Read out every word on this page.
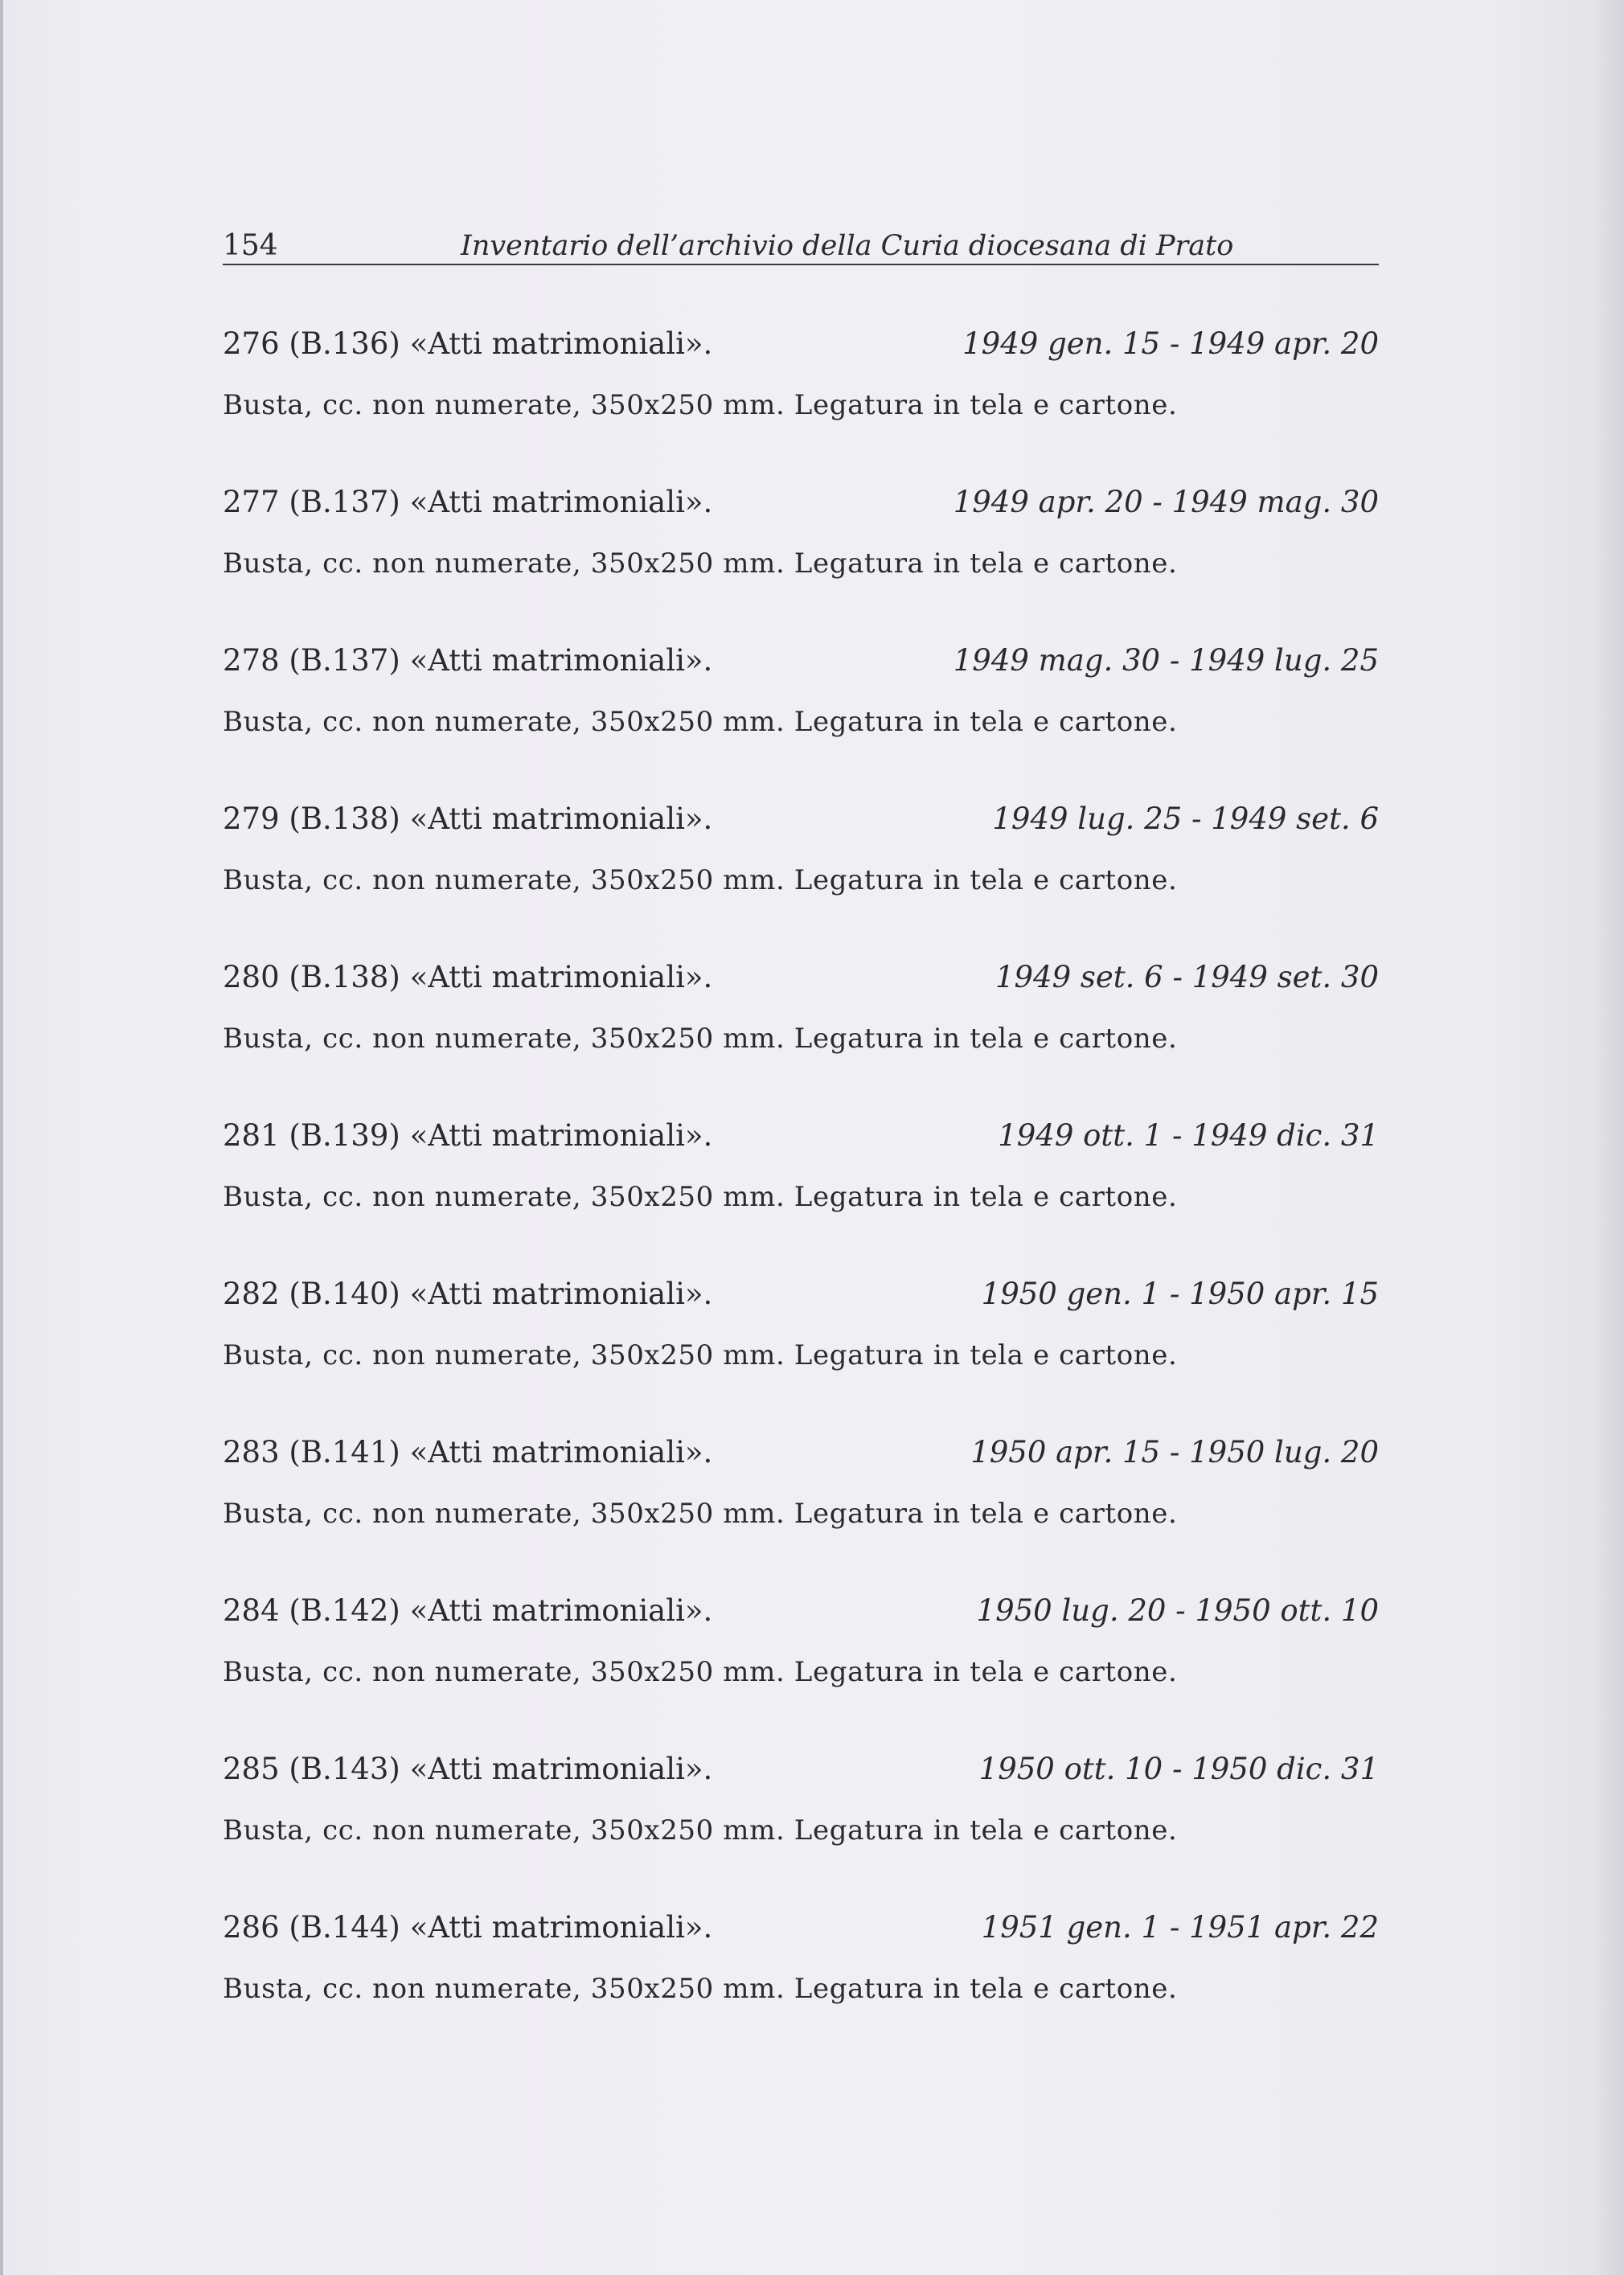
154	Inventario dell’archivio della Curia diocesana di Prato
276 (B.136) «Atti matrimoniali».	1949 gen. 15 - 1949 apr. 20
Busta, cc. non numerate, 350x250 mm. Legatura in tela e cartone.
277 (B.137) «Atti matrimoniali».	1949 apr. 20 - 1949 mag. 30
Busta, cc. non numerate, 350x250 mm. Legatura in tela e cartone.
278 (B.137) «Atti matrimoniali».	1949 mag. 30 - 1949 lug. 25
Busta, cc. non numerate, 350x250 mm. Legatura in tela e cartone.
279 (B.138) «Atti matrimoniali».	1949 lug. 25 - 1949 set. 6
Busta, cc. non numerate, 350x250 mm. Legatura in tela e cartone.
280 (B.138) «Atti matrimoniali».	1949 set. 6 - 1949 set. 30
Busta, cc. non numerate, 350x250 mm. Legatura in tela e cartone.
281 (B.139) «Atti matrimoniali».	1949 ott. 1 - 1949 dic. 31
Busta, cc. non numerate, 350x250 mm. Legatura in tela e cartone.
282 (B.140) «Atti matrimoniali».	1950 gen. 1 - 1950 apr. 15
Busta, cc. non numerate, 350x250 mm. Legatura in tela e cartone.
283 (B.141) «Atti matrimoniali».	1950 apr. 15 - 1950 lug. 20
Busta, cc. non numerate, 350x250 mm. Legatura in tela e cartone.
284 (B.142) «Atti matrimoniali».	1950 lug. 20 - 1950 ott. 10
Busta, cc. non numerate, 350x250 mm. Legatura in tela e cartone.
285 (B.143) «Atti matrimoniali».	1950 ott. 10 - 1950 dic. 31
Busta, cc. non numerate, 350x250 mm. Legatura in tela e cartone.
286 (B.144) «Atti matrimoniali».	1951 gen. 1 - 1951 apr. 22
Busta, cc. non numerate, 350x250 mm. Legatura in tela e cartone.
